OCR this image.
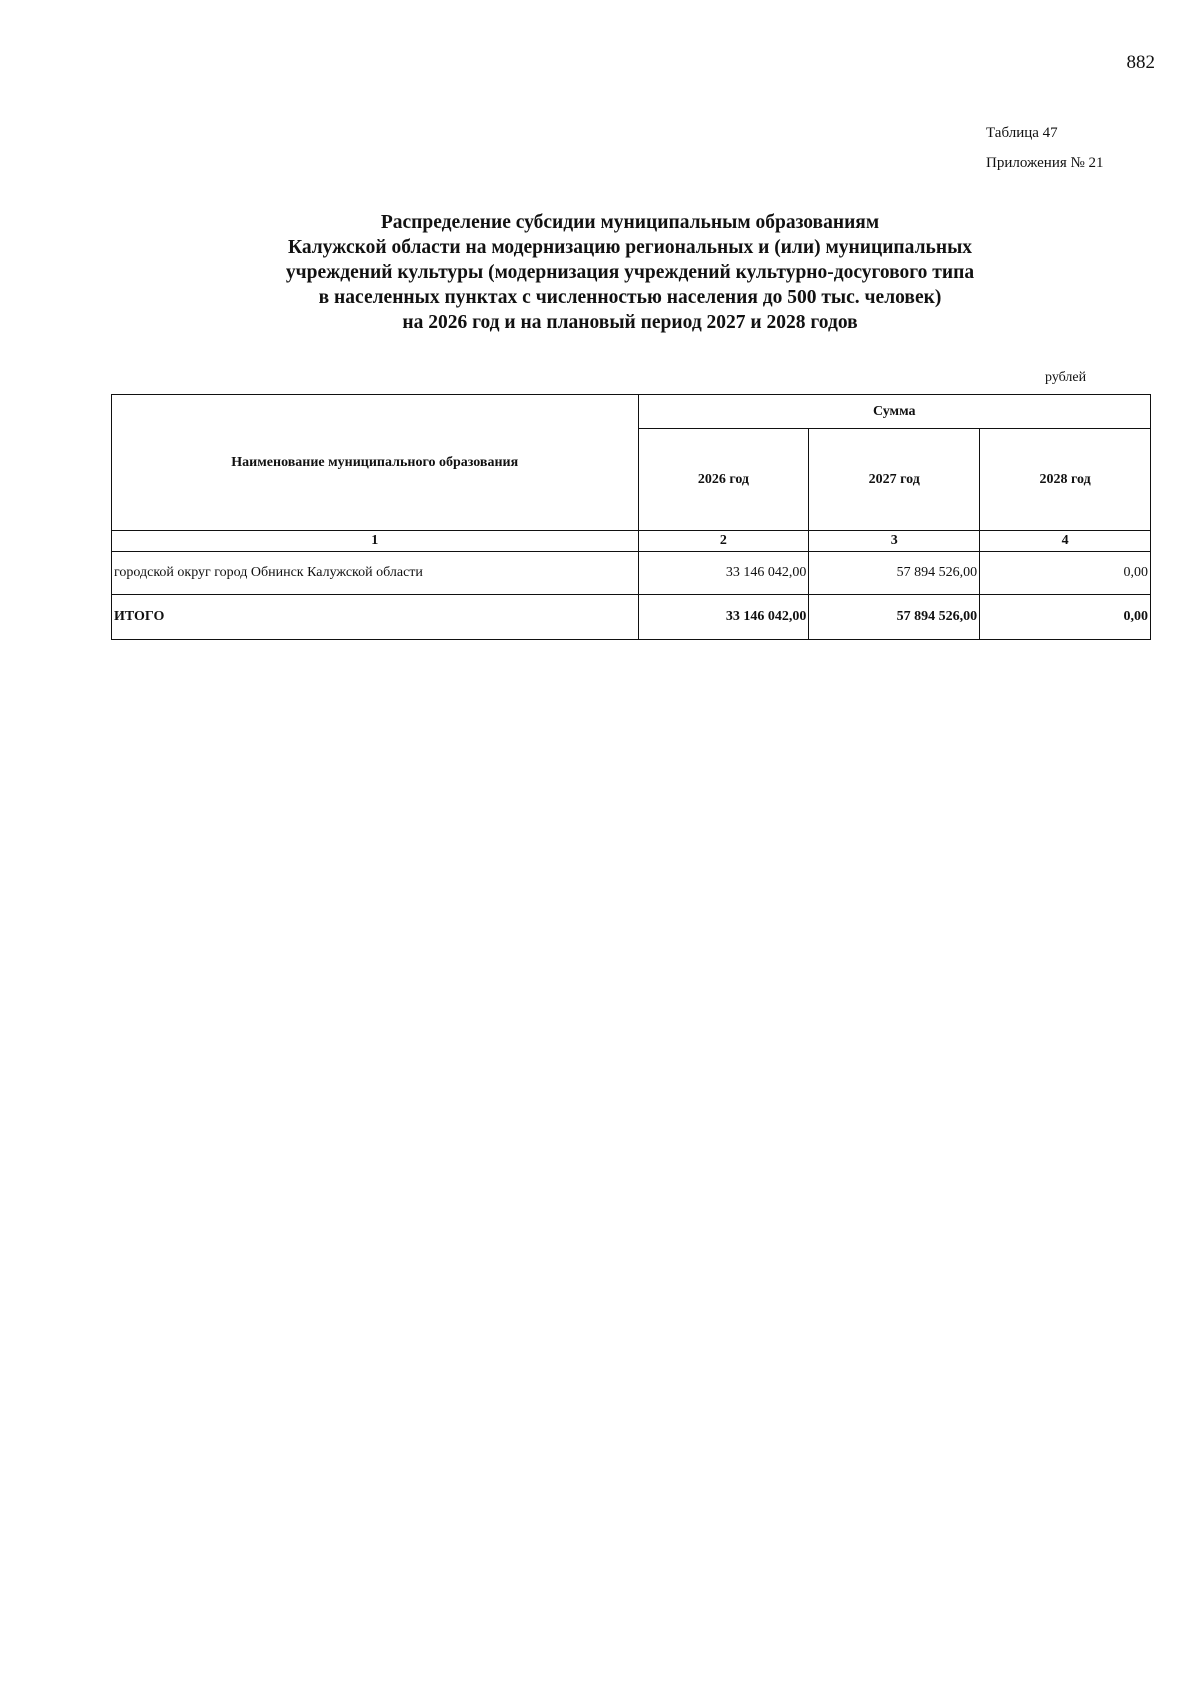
882
Таблица 47
Приложения № 21
Распределение субсидии муниципальным образованиям
Калужской области на модернизацию региональных и (или) муниципальных
учреждений культуры (модернизация учреждений культурно-досугового типа
в населенных пунктах с численностью населения до 500 тыс. человек)
на 2026 год и на плановый период 2027 и 2028 годов
рублей
Наименование муниципального образования	Сумма		
	2026 год	2027 год	2028 год
1	2	3	4
городской округ город Обнинск Калужской области	33 146 042,00	57 894 526,00	0,00
ИТОГО	33 146 042,00	57 894 526,00	0,00
